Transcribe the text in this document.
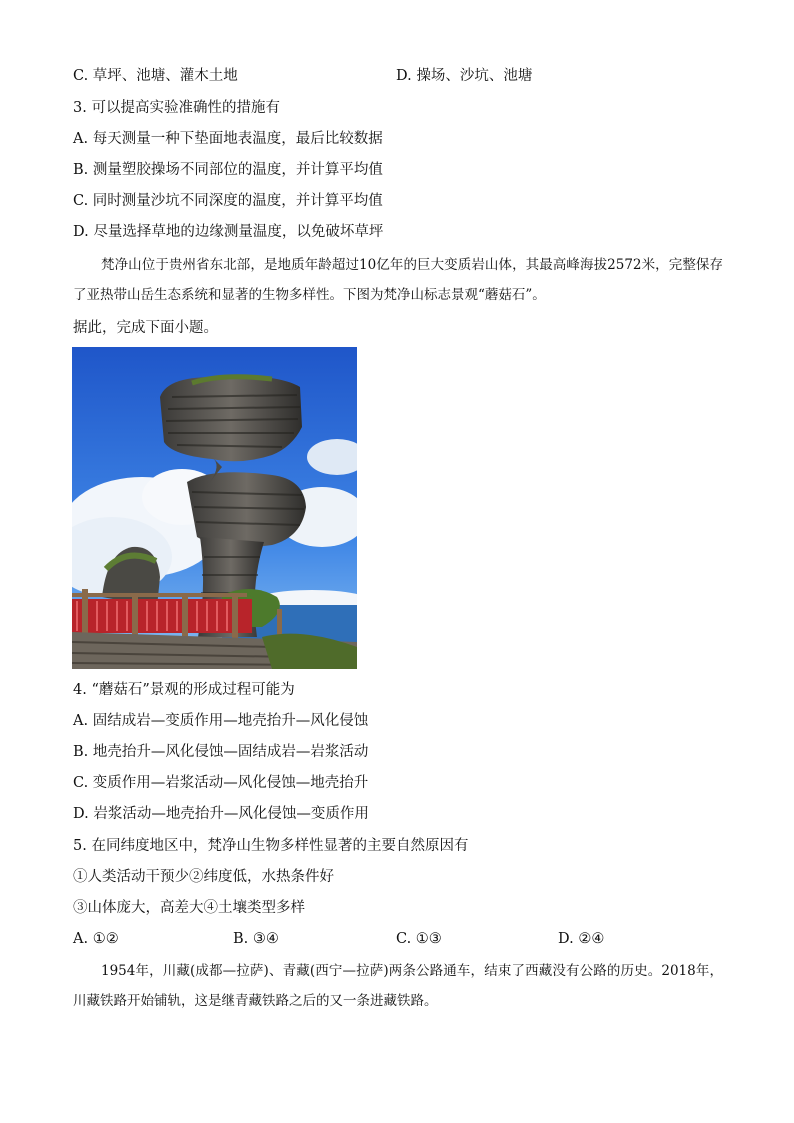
C. 草坪、池塘、灌木土地	D. 操场、沙坑、池塘
3. 可以提高实验准确性的措施有
A. 每天测量一种下垫面地表温度，最后比较数据
B. 测量塑胶操场不同部位的温度，并计算平均值
C. 同时测量沙坑不同深度的温度，并计算平均值
D. 尽量选择草地的边缘测量温度，以免破坏草坪
梵净山位于贵州省东北部，是地质年龄超过10亿年的巨大变质岩山体，其最高峰海拔2572米，完整保存了亚热带山岳生态系统和显著的生物多样性。下图为梵净山标志景观“蘑菇石”。
据此，完成下面小题。
4. “蘑菇石”景观的形成过程可能为
A. 固结成岩—变质作用—地壳抬升—风化侵蚀
B. 地壳抬升—风化侵蚀—固结成岩—岩浆活动
C. 变质作用—岩浆活动—风化侵蚀—地壳抬升
D. 岩浆活动—地壳抬升—风化侵蚀—变质作用
5. 在同纬度地区中，梵净山生物多样性显著的主要自然原因有
①人类活动干预少②纬度低，水热条件好
③山体庞大，高差大④土壤类型多样
A. ①②	B. ③④	C. ①③	D. ②④
1954年，川藏(成都—拉萨)、青藏(西宁—拉萨)两条公路通车，结束了西藏没有公路的历史。2018年，川藏铁路开始铺轨，这是继青藏铁路之后的又一条进藏铁路。
